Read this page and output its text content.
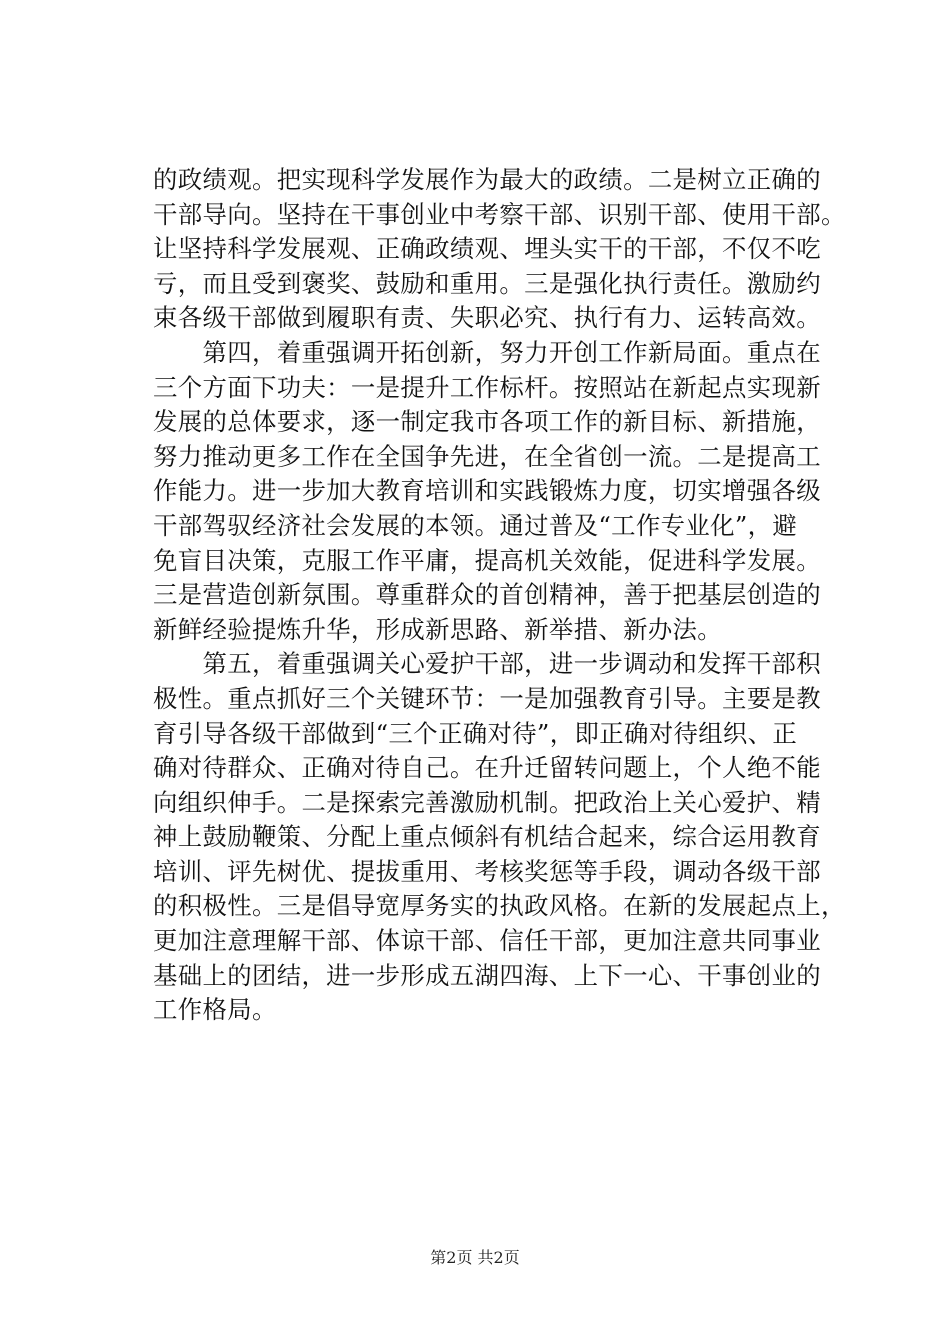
的政绩观。把实现科学发展作为最大的政绩。二是树立正确的
干部导向。坚持在干事创业中考察干部、识别干部、使用干部。
让坚持科学发展观、正确政绩观、埋头实干的干部，不仅不吃
亏，而且受到褒奖、鼓励和重用。三是强化执行责任。激励约
束各级干部做到履职有责、失职必究、执行有力、运转高效。
　　第四，着重强调开拓创新，努力开创工作新局面。重点在
三个方面下功夫：一是提升工作标杆。按照站在新起点实现新
发展的总体要求，逐一制定我市各项工作的新目标、新措施，
努力推动更多工作在全国争先进，在全省创一流。二是提高工
作能力。进一步加大教育培训和实践锻炼力度，切实增强各级
干部驾驭经济社会发展的本领。通过普及“工作专业化”，避
免盲目决策，克服工作平庸，提高机关效能，促进科学发展。
三是营造创新氛围。尊重群众的首创精神，善于把基层创造的
新鲜经验提炼升华，形成新思路、新举措、新办法。
　　第五，着重强调关心爱护干部，进一步调动和发挥干部积
极性。重点抓好三个关键环节：一是加强教育引导。主要是教
育引导各级干部做到“三个正确对待”，即正确对待组织、正
确对待群众、正确对待自己。在升迁留转问题上，个人绝不能
向组织伸手。二是探索完善激励机制。把政治上关心爱护、精
神上鼓励鞭策、分配上重点倾斜有机结合起来，综合运用教育
培训、评先树优、提拔重用、考核奖惩等手段，调动各级干部
的积极性。三是倡导宽厚务实的执政风格。在新的发展起点上，
更加注意理解干部、体谅干部、信任干部，更加注意共同事业
基础上的团结，进一步形成五湖四海、上下一心、干事创业的
工作格局。
第2页 共2页
